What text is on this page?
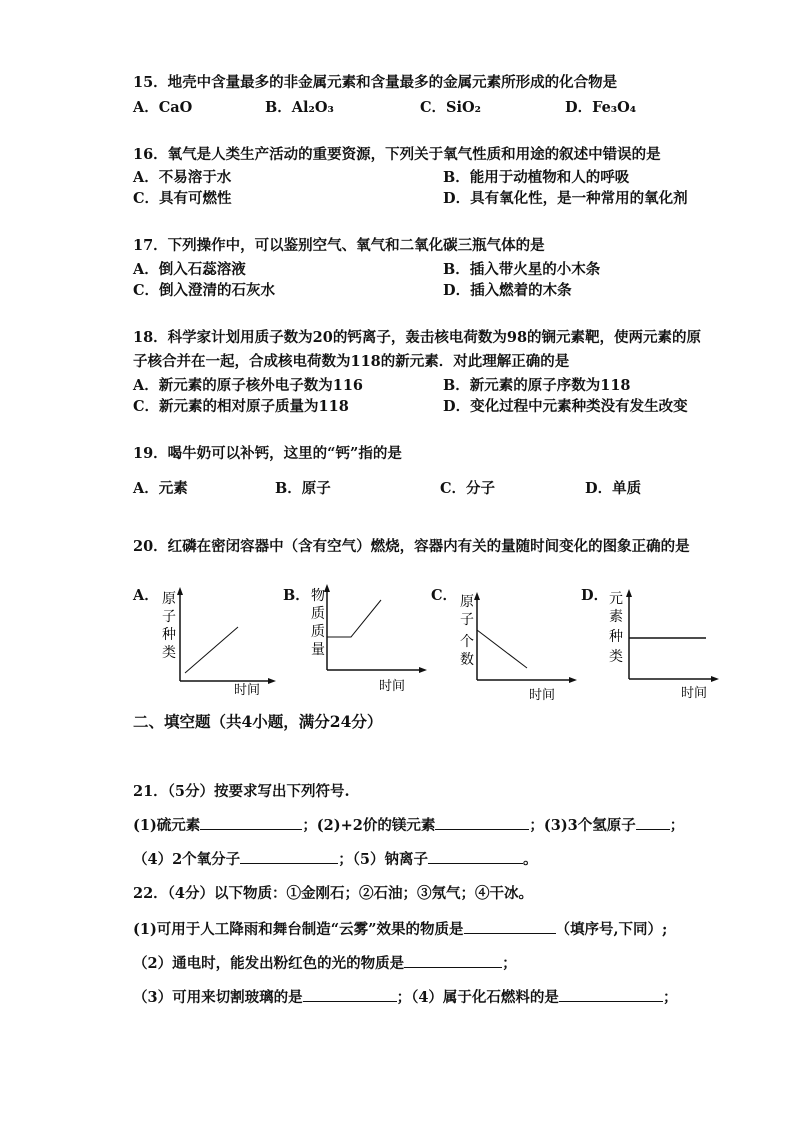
15．地壳中含量最多的非金属元素和含量最多的金属元素所形成的化合物是
A．CaO	B．Al₂O₃	C．SiO₂	D．Fe₃O₄
16．氧气是人类生产活动的重要资源，下列关于氧气性质和用途的叙述中错误的是
A．不易溶于水	B．能用于动植物和人的呼吸
C．具有可燃性	D．具有氧化性，是一种常用的氧化剂
17．下列操作中，可以鉴别空气、氧气和二氧化碳三瓶气体的是
A．倒入石蕊溶液	B．插入带火星的小木条
C．倒入澄清的石灰水	D．插入燃着的木条
18．科学家计划用质子数为20的钙离子，轰击核电荷数为98的锎元素靶，使两元素的原
子核合并在一起，合成核电荷数为118的新元素．对此理解正确的是
A．新元素的原子核外电子数为116	B．新元素的原子序数为118
C．新元素的相对原子质量为118	D．变化过程中元素种类没有发生改变
19．喝牛奶可以补钙，这里的“钙”指的是
A．元素	B．原子	C．分子	D．单质
20．红磷在密闭容器中（含有空气）燃烧，容器内有关的量随时间变化的图象正确的是
A． 原
子
种
类
时间
B． 物
质
质
量
时间
C． 原
子
个
数
时间
D． 元
素
种
类
时间
二、填空题（共4小题，满分24分）
21．（5分）按要求写出下列符号.
(1)硫元素	；(2)+2价的镁元素	；(3)3个氢原子 ；
（4）2个氧分子	；（5）钠离子	。
22．（4分）以下物质：①金刚石；②石油；③氖气；④干冰。
(1)可用于人工降雨和舞台制造“云雾”效果的物质是	（填序号,下同）;
（2）通电时，能发出粉红色的光的物质是	；
（3）可用来切割玻璃的是	；（4）属于化石燃料的是	；
